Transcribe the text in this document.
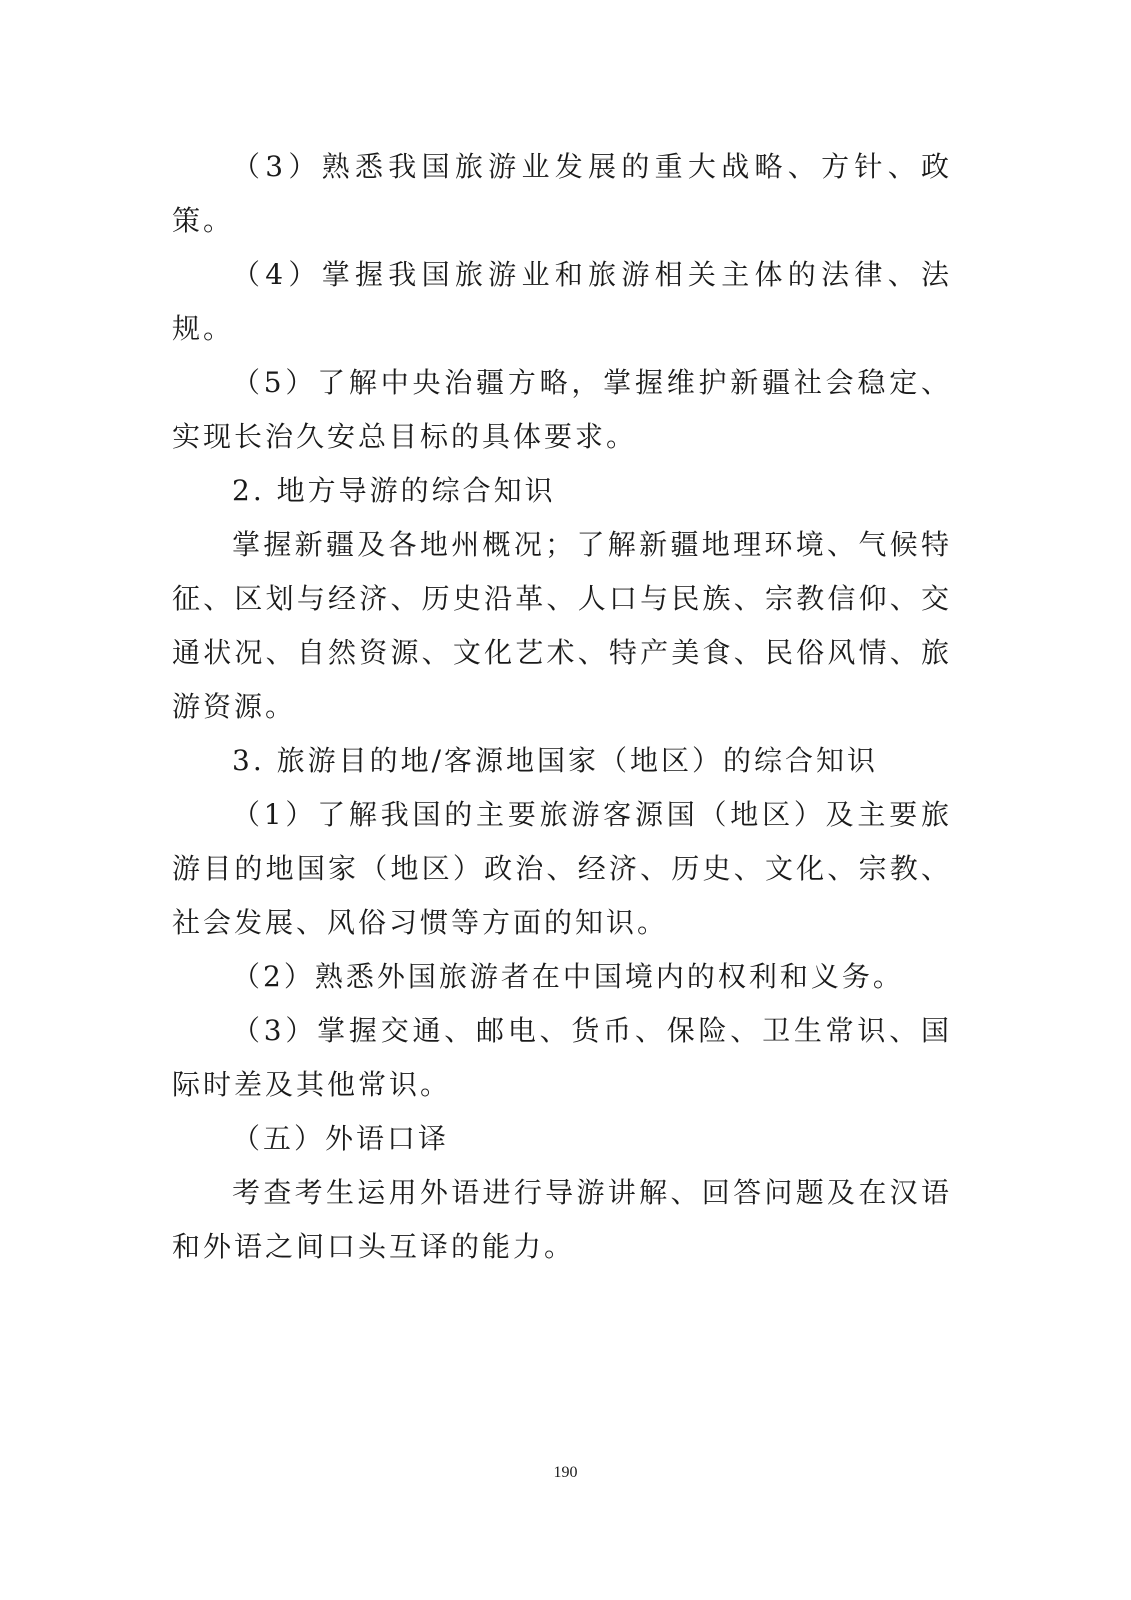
（3）熟悉我国旅游业发展的重大战略、方针、政策。

（4）掌握我国旅游业和旅游相关主体的法律、法规。

（5）了解中央治疆方略，掌握维护新疆社会稳定、实现长治久安总目标的具体要求。

2. 地方导游的综合知识

掌握新疆及各地州概况；了解新疆地理环境、气候特征、区划与经济、历史沿革、人口与民族、宗教信仰、交通状况、自然资源、文化艺术、特产美食、民俗风情、旅游资源。

3. 旅游目的地/客源地国家（地区）的综合知识

（1）了解我国的主要旅游客源国（地区）及主要旅游目的地国家（地区）政治、经济、历史、文化、宗教、社会发展、风俗习惯等方面的知识。

（2）熟悉外国旅游者在中国境内的权利和义务。

（3）掌握交通、邮电、货币、保险、卫生常识、国际时差及其他常识。

（五）外语口译

考查考生运用外语进行导游讲解、回答问题及在汉语和外语之间口头互译的能力。

190
